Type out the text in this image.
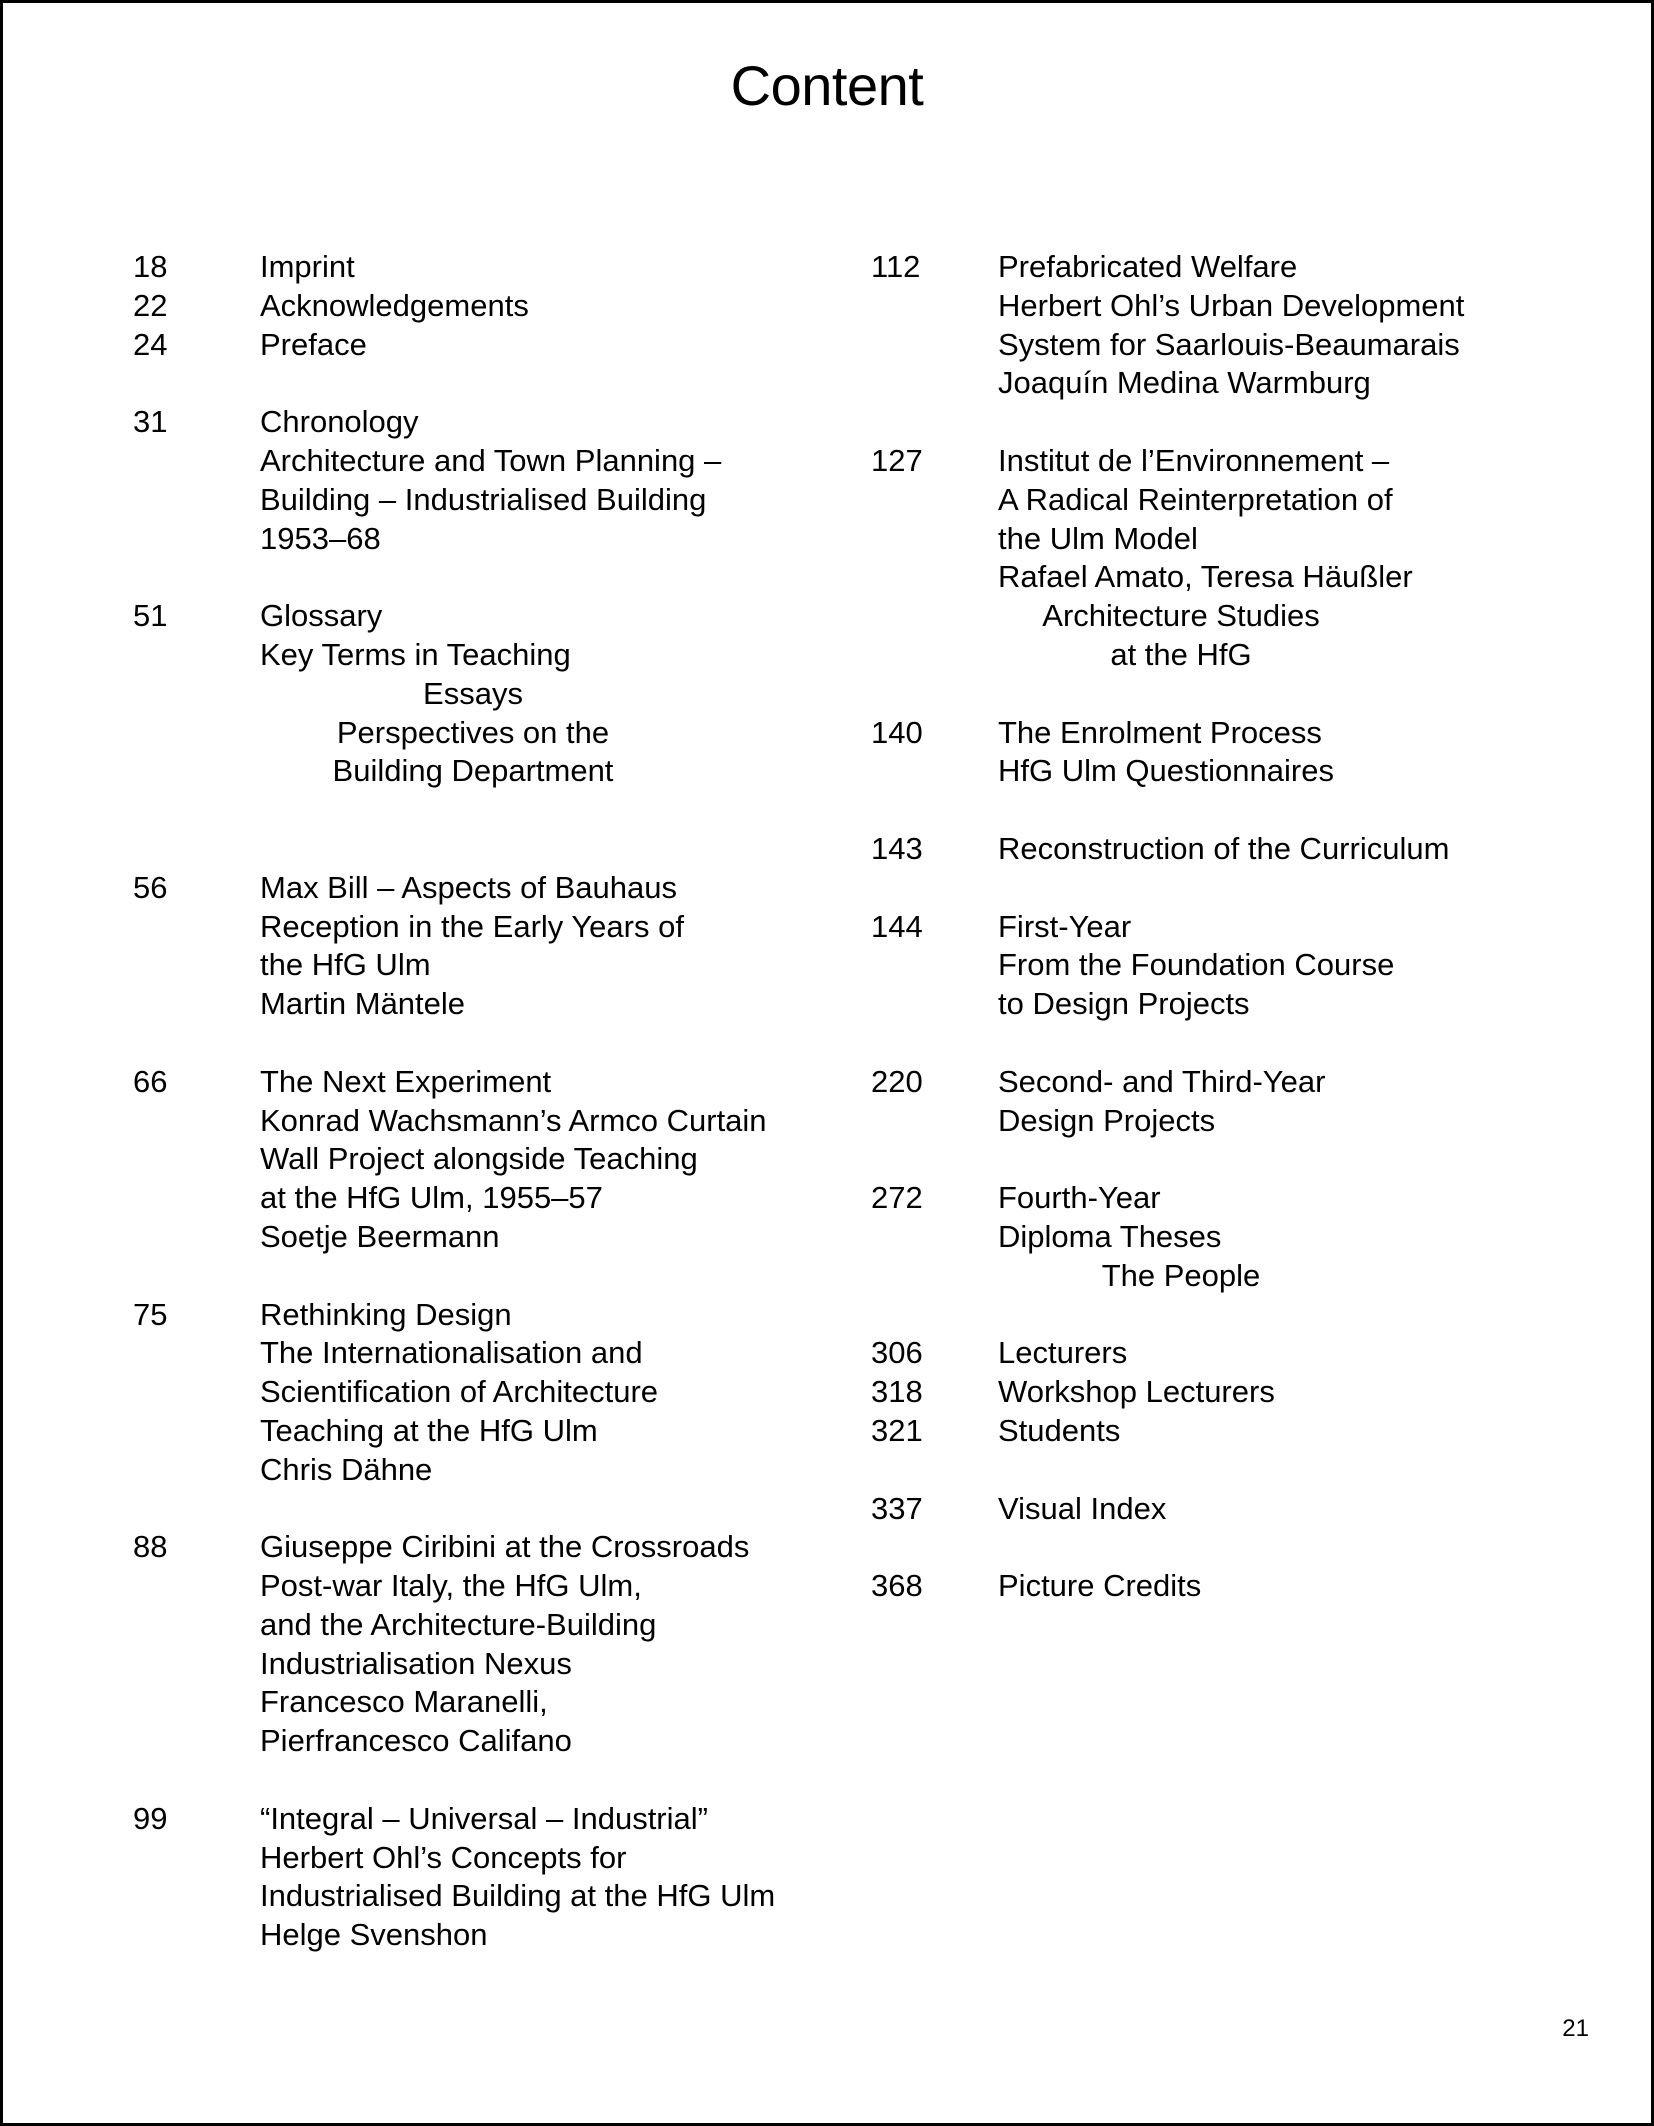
Content
18	Imprint
22	Acknowledgements
24	Preface
31	Chronology
Architecture and Town Planning –
Building – Industrialised Building
1953–68
51	Glossary
Key Terms in Teaching
Essays
Perspectives on the
Building Department
56	Max Bill – Aspects of Bauhaus
Reception in the Early Years of
the HfG Ulm
Martin Mäntele
66	The Next Experiment
Konrad Wachsmann’s Armco Curtain
Wall Project alongside Teaching
at the HfG Ulm, 1955–57
Soetje Beermann
75	Rethinking Design
The Internationalisation and
Scientification of Architecture
Teaching at the HfG Ulm
Chris Dähne
88	Giuseppe Ciribini at the Crossroads
Post-war Italy, the HfG Ulm,
and the Architecture-Building
Industrialisation Nexus
Francesco Maranelli,
Pierfrancesco Califano
99	“Integral – Universal – Industrial”
Herbert Ohl’s Concepts for
Industrialised Building at the HfG Ulm
Helge Svenshon
112	Prefabricated Welfare
Herbert Ohl’s Urban Development
System for Saarlouis-Beaumarais
Joaquín Medina Warmburg
127	Institut de l’Environnement –
A Radical Reinterpretation of
the Ulm Model
Rafael Amato, Teresa Häußler
Architecture Studies
at the HfG
140	The Enrolment Process
HfG Ulm Questionnaires
143	Reconstruction of the Curriculum
144	First-Year
From the Foundation Course
to Design Projects
220	Second- and Third-Year
Design Projects
272	Fourth-Year
Diploma Theses
The People
306	Lecturers
318	Workshop Lecturers
321	Students
337	Visual Index
368	Picture Credits
21
